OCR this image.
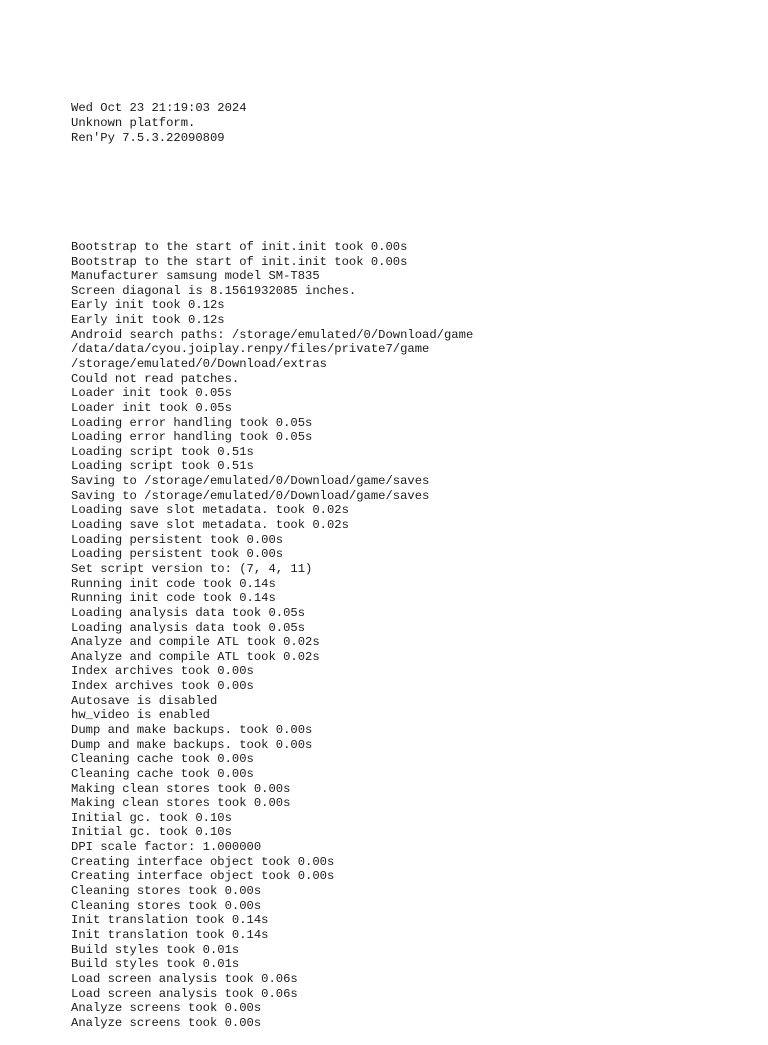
Wed Oct 23 21:19:03 2024
Unknown platform.
Ren'Py 7.5.3.22090809

Bootstrap to the start of init.init took 0.00s
Bootstrap to the start of init.init took 0.00s
Manufacturer samsung model SM-T835
Screen diagonal is 8.1561932085 inches.
Early init took 0.12s
Early init took 0.12s
Android search paths: /storage/emulated/0/Download/game
/data/data/cyou.joiplay.renpy/files/private7/game
/storage/emulated/0/Download/extras
Could not read patches.
Loader init took 0.05s
Loader init took 0.05s
Loading error handling took 0.05s
Loading error handling took 0.05s
Loading script took 0.51s
Loading script took 0.51s
Saving to /storage/emulated/0/Download/game/saves
Saving to /storage/emulated/0/Download/game/saves
Loading save slot metadata. took 0.02s
Loading save slot metadata. took 0.02s
Loading persistent took 0.00s
Loading persistent took 0.00s
Set script version to: (7, 4, 11)
Running init code took 0.14s
Running init code took 0.14s
Loading analysis data took 0.05s
Loading analysis data took 0.05s
Analyze and compile ATL took 0.02s
Analyze and compile ATL took 0.02s
Index archives took 0.00s
Index archives took 0.00s
Autosave is disabled
hw_video is enabled
Dump and make backups. took 0.00s
Dump and make backups. took 0.00s
Cleaning cache took 0.00s
Cleaning cache took 0.00s
Making clean stores took 0.00s
Making clean stores took 0.00s
Initial gc. took 0.10s
Initial gc. took 0.10s
DPI scale factor: 1.000000
Creating interface object took 0.00s
Creating interface object took 0.00s
Cleaning stores took 0.00s
Cleaning stores took 0.00s
Init translation took 0.14s
Init translation took 0.14s
Build styles took 0.01s
Build styles took 0.01s
Load screen analysis took 0.06s
Load screen analysis took 0.06s
Analyze screens took 0.00s
Analyze screens took 0.00s
